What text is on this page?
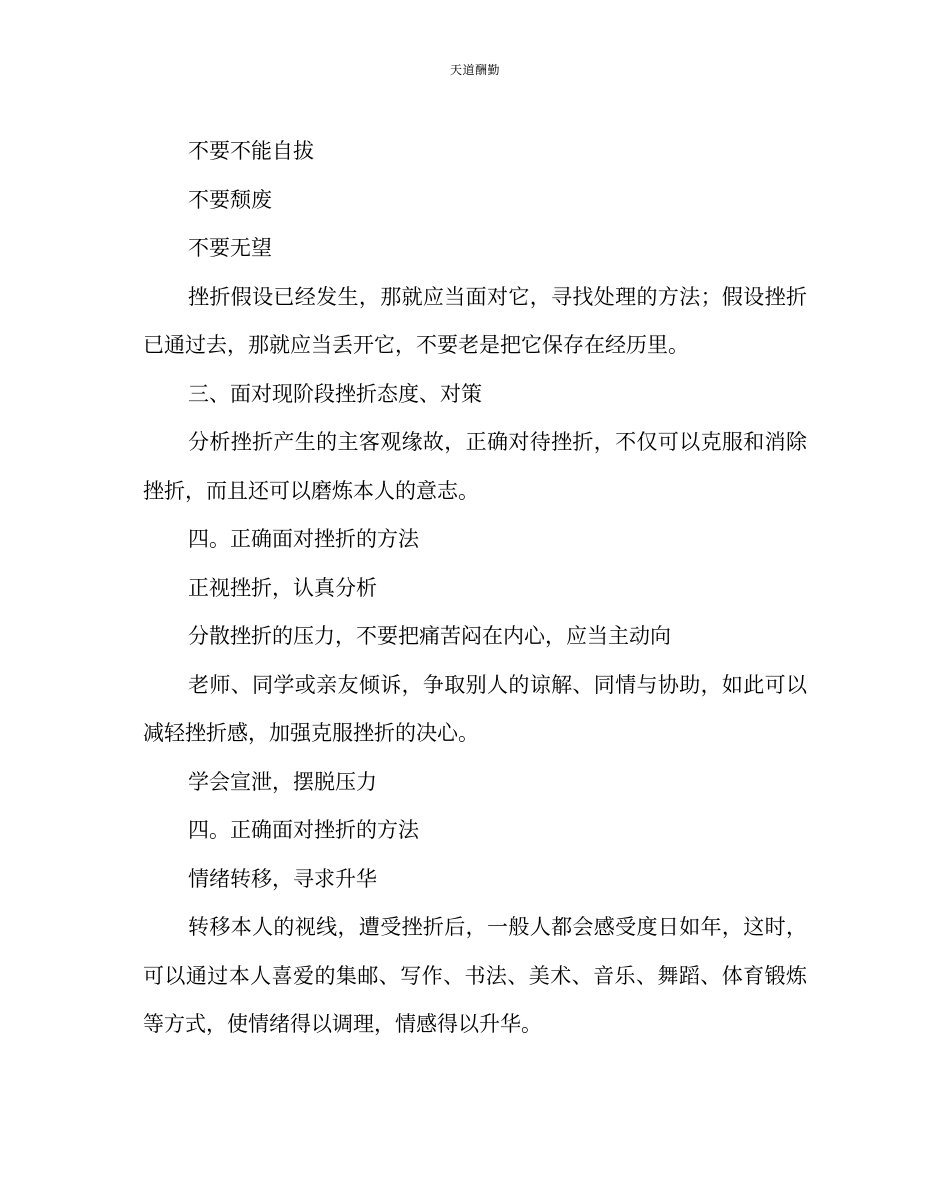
天道酬勤

不要不能自拔

不要颓废

不要无望

挫折假设已经发生，那就应当面对它，寻找处理的方法；假设挫折已通过去，那就应当丢开它，不要老是把它保存在经历里。

三、面对现阶段挫折态度、对策

分析挫折产生的主客观缘故，正确对待挫折，不仅可以克服和消除挫折，而且还可以磨炼本人的意志。

四。正确面对挫折的方法

正视挫折，认真分析

分散挫折的压力，不要把痛苦闷在内心，应当主动向

老师、同学或亲友倾诉，争取别人的谅解、同情与协助，如此可以减轻挫折感，加强克服挫折的决心。

学会宣泄，摆脱压力

四。正确面对挫折的方法

情绪转移，寻求升华

转移本人的视线，遭受挫折后，一般人都会感受度日如年，这时，可以通过本人喜爱的集邮、写作、书法、美术、音乐、舞蹈、体育锻炼等方式，使情绪得以调理，情感得以升华。
